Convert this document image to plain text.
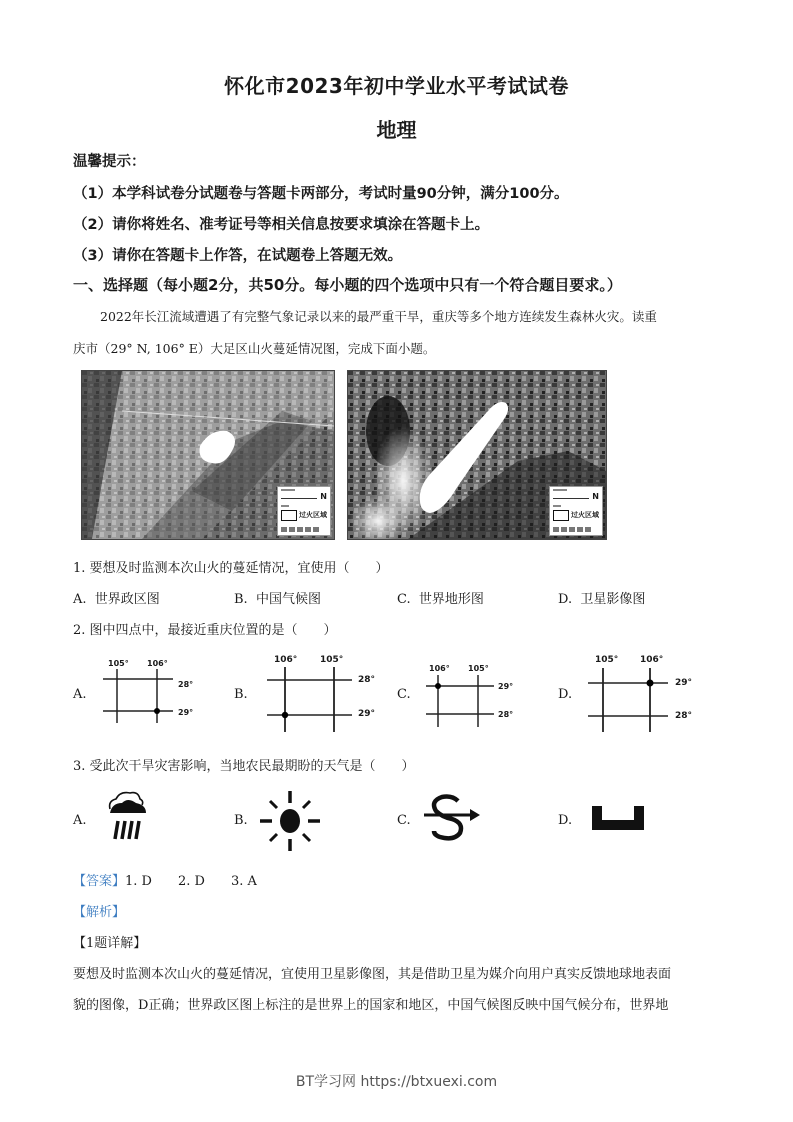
怀化市2023年初中学业水平考试试卷
地理
温馨提示：
（1）本学科试卷分试题卷与答题卡两部分，考试时量90分钟，满分100分。
（2）请你将姓名、准考证号等相关信息按要求填涂在答题卡上。
（3）请你在答题卡上作答，在试题卷上答题无效。
一、选择题（每小题2分，共50分。每小题的四个选项中只有一个符合题目要求。）
2022年长江流域遭遇了有完整气象记录以来的最严重干旱，重庆等多个地方连续发生森林火灾。读重
庆市（29° N, 106° E）大足区山火蔓延情况图，完成下面小题。
N
过火区域
N
过火区域
1. 要想及时监测本次山火的蔓延情况，宜使用（　　）
A. 世界政区图	B. 中国气候图	C. 世界地形图	D. 卫星影像图
2. 图中四点中，最接近重庆位置的是（　　）
A.
105° 106°
28°
29°
B.
106°	105°
28°
29°
C.
106° 105°
29°
28°
D.
105° 106°
29°
28°
3. 受此次干旱灾害影响，当地农民最期盼的天气是（　　）
A.	B.	C.	D.
【答案】1. D 2. D 3. A
【解析】
【1题详解】
要想及时监测本次山火的蔓延情况，宜使用卫星影像图，其是借助卫星为媒介向用户真实反馈地球地表面
貌的图像，D正确；世界政区图上标注的是世界上的国家和地区，中国气候图反映中国气候分布，世界地
BT学习网 https://btxuexi.com
